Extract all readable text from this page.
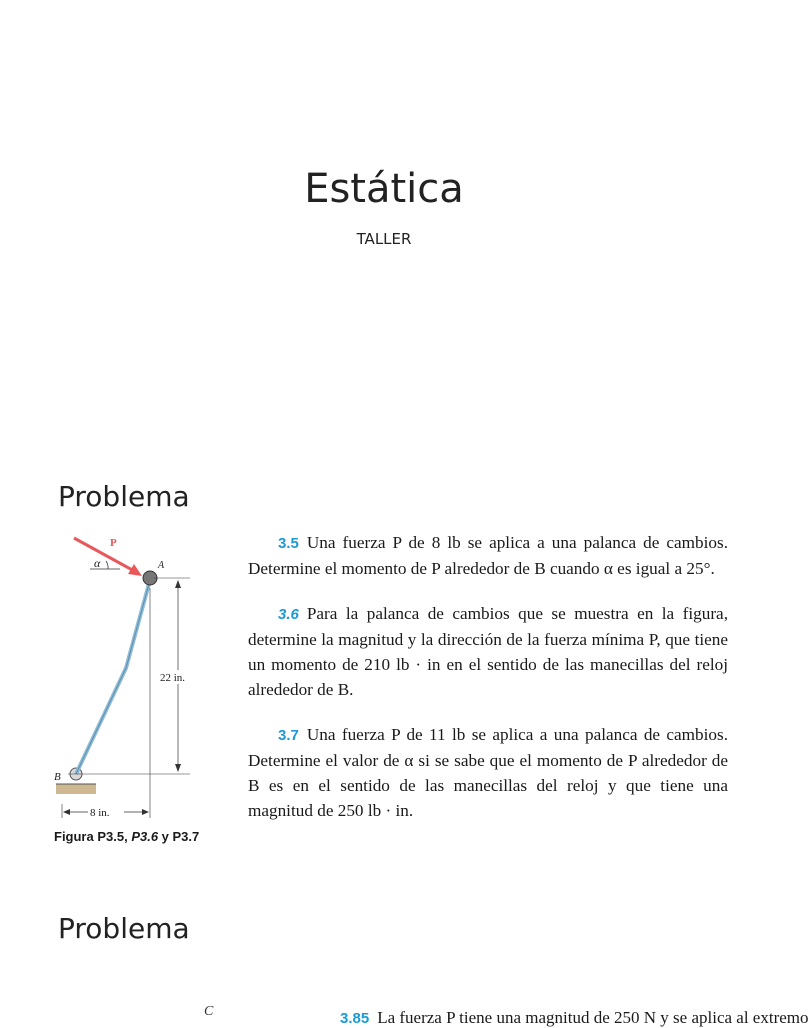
Estática
TALLER
Problema
P
α	A
B
22 in.
8 in.
Figura P3.5, P3.6 y P3.7

3.5 Una fuerza P de 8 lb se aplica a una palanca de cambios. Determine el momento de P alrededor de B cuando α es igual a 25°.

3.6 Para la palanca de cambios que se muestra en la figura, determine la magnitud y la dirección de la fuerza mínima P, que tiene un momento de 210 lb · in en el sentido de las manecillas del reloj alrededor de B.

3.7 Una fuerza P de 11 lb se aplica a una palanca de cambios. Determine el valor de α si se sabe que el momento de P alrededor de B es en el sentido de las manecillas del reloj y que tiene una magnitud de 250 lb · in.

Problema
C	3.85 La fuerza P tiene una magnitud de 250 N y se aplica al extremo
